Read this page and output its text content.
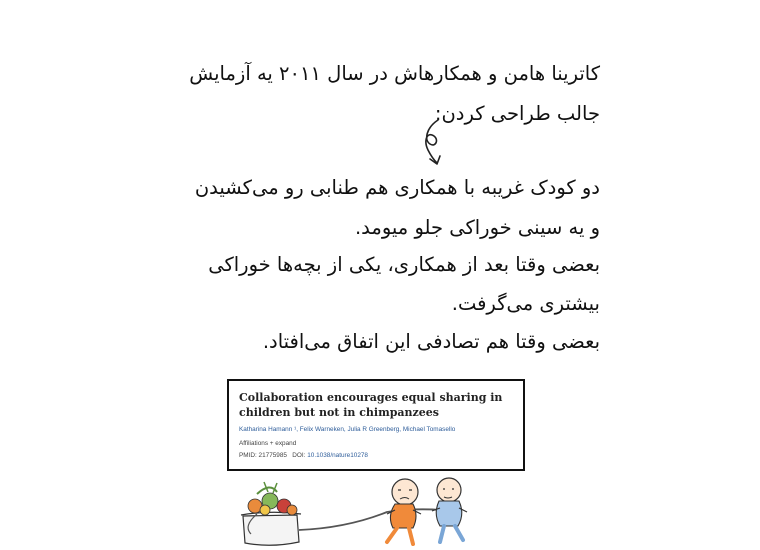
کاترینا هامن و همکارهاش در سال ۲۰۱۱ یه آزمایش
جالب طراحی کردن:
دو کودک غریبه با همکاری هم طنابی رو می‌کشیدن
و یه سینی خوراکی جلو میومد.
بعضی وقتا بعد از همکاری، یکی از بچه‌ها خوراکی
بیشتری می‌گرفت.
بعضی وقتا هم تصادفی این اتفاق می‌افتاد.
Collaboration encourages equal sharing in children but not in chimpanzees
Katharina Hamann ¹, Felix Warneken, Julia R Greenberg, Michael Tomasello
Affiliations + expand
PMID: 21775985 DOI: 10.1038/nature10278
